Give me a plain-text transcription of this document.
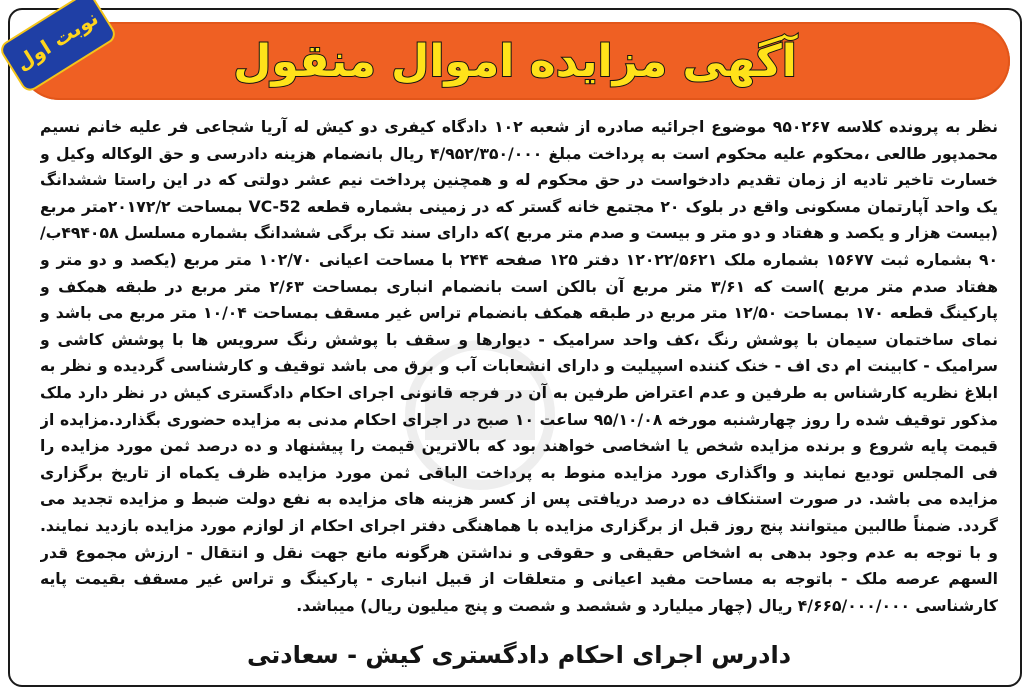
آگهی مزایده اموال منقول
نوبت اول
نظر به پرونده کلاسه ۹۵۰۲۶۷ موضوع اجرائیه صادره از شعبه ۱۰۲ دادگاه کیفری دو کیش له آریا شجاعی فر علیه خانم نسیم محمدپور طالعی ،محکوم علیه محکوم است به پرداخت مبلغ ۴/۹۵۲/۳۵۰/۰۰۰ ریال بانضمام هزینه دادرسی و حق الوکاله وکیل و خسارت تاخیر تادیه از زمان تقدیم دادخواست در حق محکوم له و همچنین پرداخت نیم عشر دولتی که در این راستا ششدانگ یک واحد آپارتمان مسکونی واقع در بلوک ۲۰ مجتمع خانه گستر که در زمینی بشماره قطعه VC-52 بمساحت ۲۰۱۷۲/۲متر مربع (بیست هزار و یکصد و هفتاد و دو متر و بیست و صدم متر مربع )که دارای سند تک برگی ششدانگ بشماره مسلسل ۴۹۴۰۵۸ب/۹۰ بشماره ثبت ۱۵۶۷۷ بشماره ملک ۱۲۰۲۲/۵۶۲۱ دفتر ۱۲۵ صفحه ۲۴۴ با مساحت اعیانی ۱۰۲/۷۰ متر مربع (یکصد و دو متر و هفتاد صدم متر مربع )است که ۳/۶۱ متر مربع آن بالکن است بانضمام انباری بمساحت ۲/۶۳ متر مربع در طبقه همکف و پارکینگ قطعه ۱۷۰ بمساحت ۱۲/۵۰ متر مربع در طبقه همکف بانضمام تراس غیر مسقف بمساحت ۱۰/۰۴ متر مربع می باشد و نمای ساختمان سیمان با پوشش رنگ ،کف واحد سرامیک - دیوارها و سقف با پوشش رنگ سرویس ها با پوشش کاشی و سرامیک - کابینت ام دی اف - خنک کننده اسپیلیت و دارای انشعابات آب و برق می باشد توقیف و کارشناسی گردیده و نظر به ابلاغ نظریه کارشناس به طرفین و عدم اعتراض طرفین به آن در فرجه قانونی اجرای احکام دادگستری کیش در نظر دارد ملک مذکور توقیف شده را روز چهارشنبه مورخه ۹۵/۱۰/۰۸ ساعت ۱۰ صبح در اجرای احکام مدنی به مزایده حضوری بگذارد.مزایده از قیمت پایه شروع و برنده مزایده شخص یا اشخاصی خواهند بود که بالاترین قیمت را پیشنهاد و ده درصد ثمن مورد مزایده را فی المجلس تودیع نمایند و واگذاری مورد مزایده منوط به پرداخت الباقی ثمن مورد مزایده ظرف یکماه از تاریخ برگزاری مزایده می باشد. در صورت استنکاف ده درصد دریافتی پس از کسر هزینه های مزایده به نفع دولت ضبط و مزایده تجدید می گردد. ضمناً طالبین میتوانند پنج روز قبل از برگزاری مزایده با هماهنگی دفتر اجرای احکام از لوازم مورد مزایده بازدید نمایند. و با توجه به عدم وجود بدهی به اشخاص حقیقی و حقوقی و نداشتن هرگونه مانع جهت نقل و انتقال - ارزش مجموع قدر السهم عرصه ملک - باتوجه به مساحت مفید اعیانی و متعلقات از قبیل انباری - پارکینگ و تراس غیر مسقف بقیمت پایه کارشناسی ۴/۶۶۵/۰۰۰/۰۰۰ ریال (چهار میلیارد و ششصد و شصت و پنج میلیون ریال) میباشد.
دادرس اجرای احکام دادگستری کیش - سعادتی
